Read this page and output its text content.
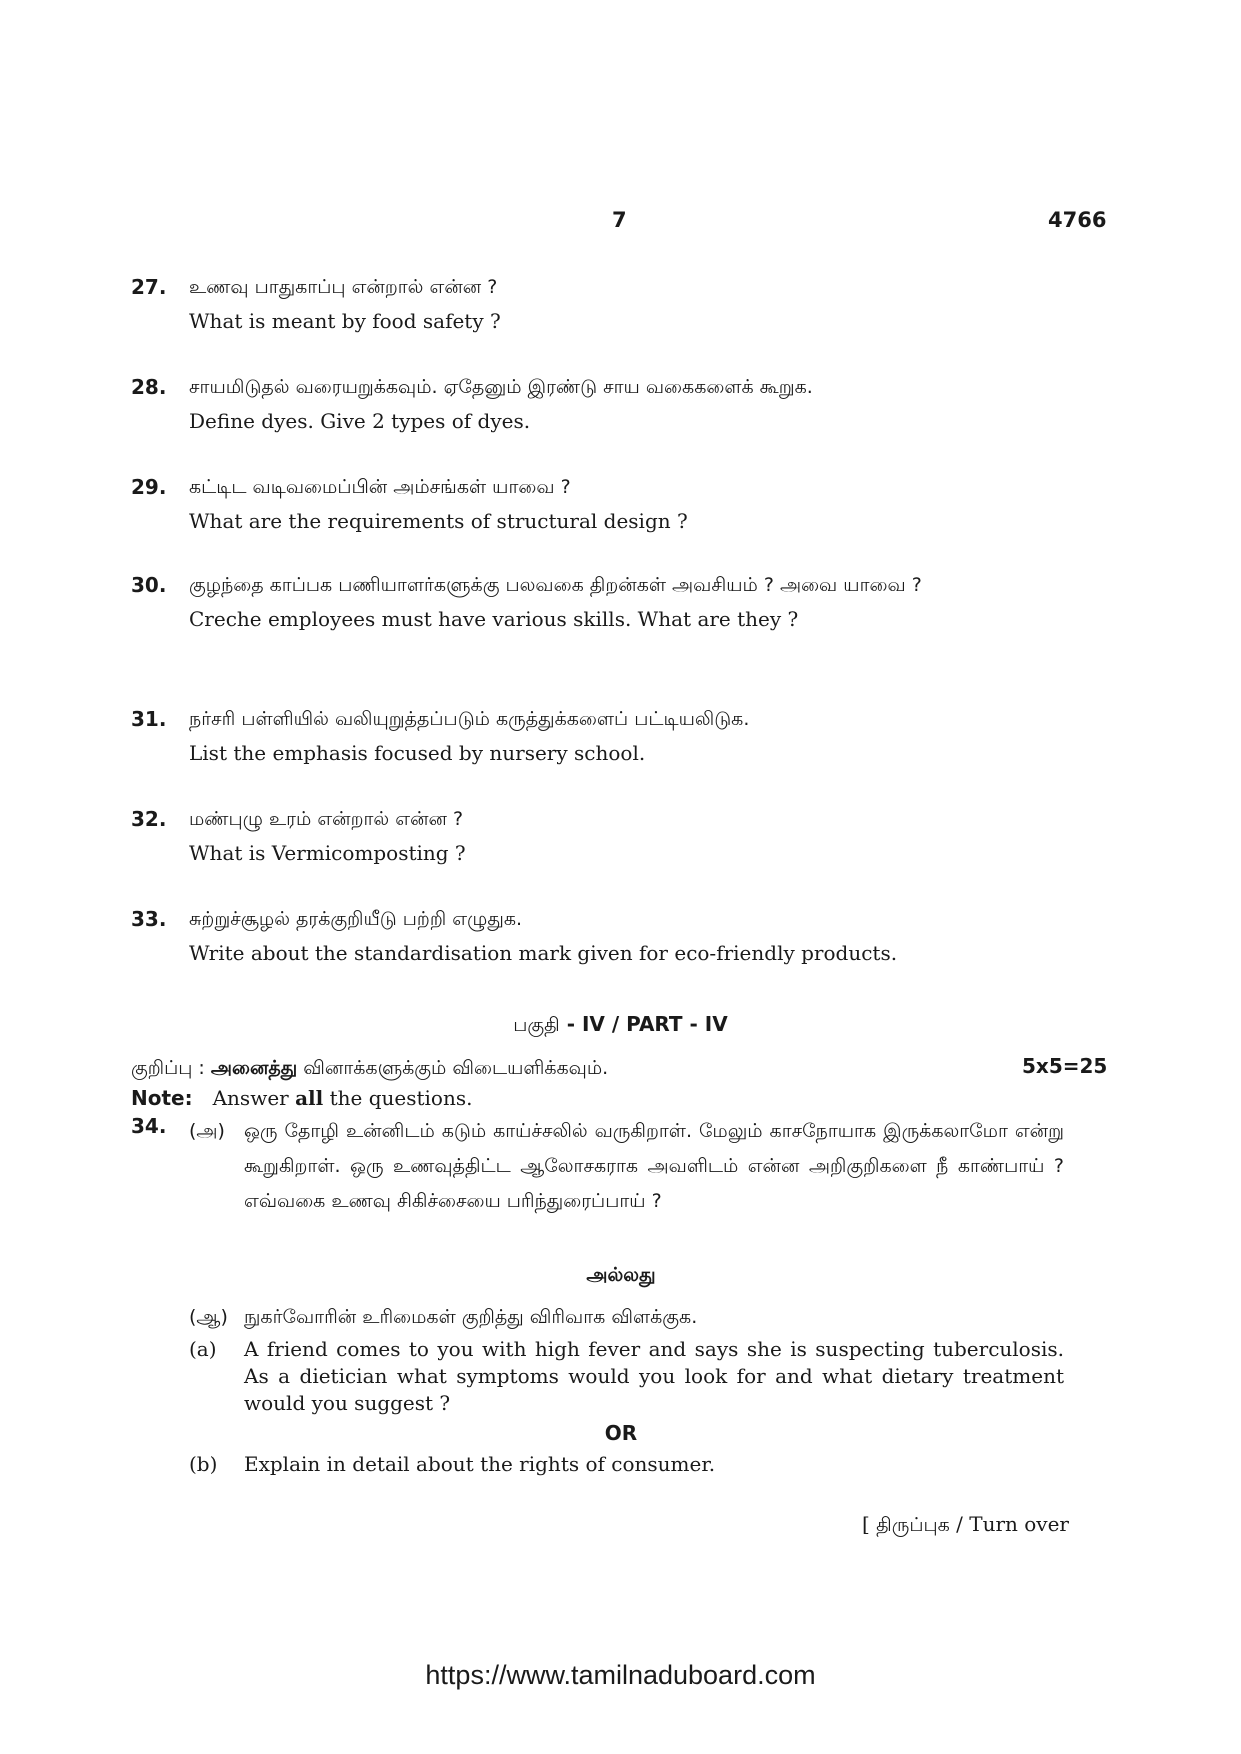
7	4766
27. உணவு பாதுகாப்பு என்றால் என்ன ?
What is meant by food safety ?
28. சாயமிடுதல் வரையறுக்கவும். ஏதேனும் இரண்டு சாய வகைகளைக் கூறுக.
Define dyes. Give 2 types of dyes.
29. கட்டிட வடிவமைப்பின் அம்சங்கள் யாவை ?
What are the requirements of structural design ?
30. குழந்தை காப்பக பணியாளர்களுக்கு பலவகை திறன்கள் அவசியம் ? அவை யாவை ?
Creche employees must have various skills. What are they ?
31. நர்சரி பள்ளியில் வலியுறுத்தப்படும் கருத்துக்களைப் பட்டியலிடுக.
List the emphasis focused by nursery school.
32. மண்புழு உரம் என்றால் என்ன ?
What is Vermicomposting ?
33. சுற்றுச்சூழல் தரக்குறியீடு பற்றி எழுதுக.
Write about the standardisation mark given for eco-friendly products.
பகுதி - IV / PART - IV
குறிப்பு : அனைத்து வினாக்களுக்கும் விடையளிக்கவும்.	5x5=25
Note: Answer all the questions.
34. (அ) ஒரு தோழி உன்னிடம் கடும் காய்ச்சலில் வருகிறாள். மேலும் காசநோயாக இருக்கலாமோ என்று கூறுகிறாள். ஒரு உணவுத்திட்ட ஆலோசகராக அவளிடம் என்ன அறிகுறிகளை நீ காண்பாய் ? எவ்வகை உணவு சிகிச்சையை பரிந்துரைப்பாய் ?
அல்லது
(ஆ) நுகர்வோரின் உரிமைகள் குறித்து விரிவாக விளக்குக.
(a) A friend comes to you with high fever and says she is suspecting tuberculosis. As a dietician what symptoms would you look for and what dietary treatment would you suggest ?
OR
(b) Explain in detail about the rights of consumer.
[ திருப்புக / Turn over
https://www.tamilnaduboard.com
